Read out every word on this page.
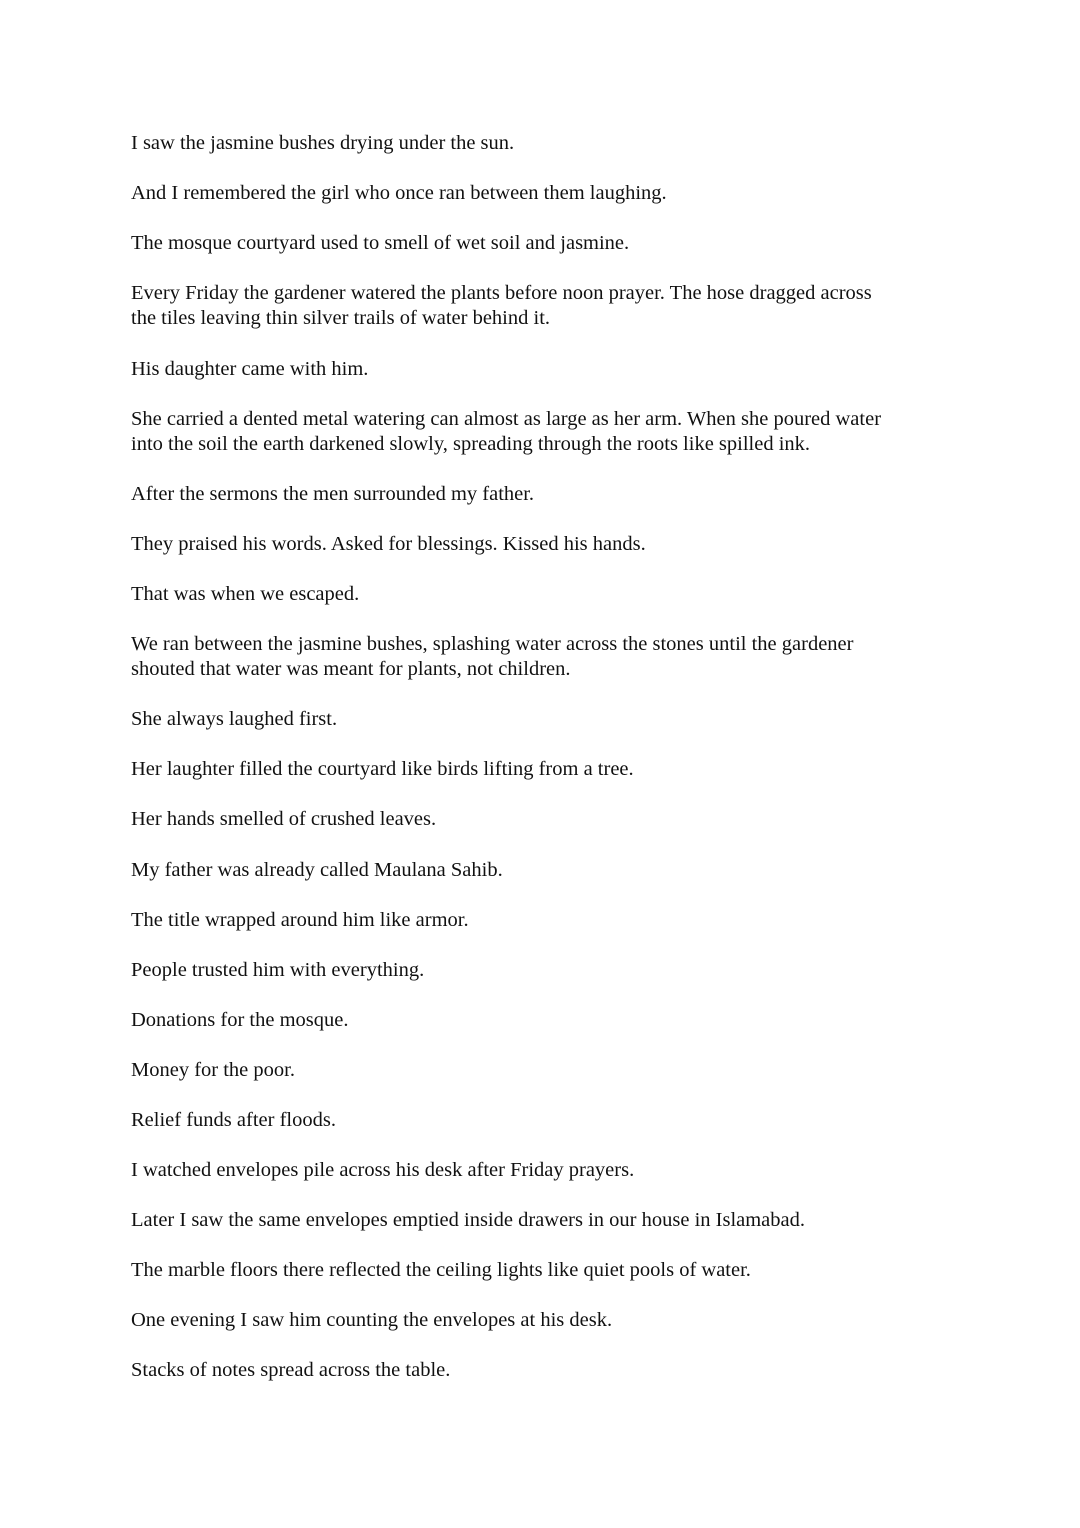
I saw the jasmine bushes drying under the sun.

And I remembered the girl who once ran between them laughing.

The mosque courtyard used to smell of wet soil and jasmine.

Every Friday the gardener watered the plants before noon prayer. The hose dragged across
the tiles leaving thin silver trails of water behind it.

His daughter came with him.

She carried a dented metal watering can almost as large as her arm. When she poured water
into the soil the earth darkened slowly, spreading through the roots like spilled ink.

After the sermons the men surrounded my father.

They praised his words. Asked for blessings. Kissed his hands.

That was when we escaped.

We ran between the jasmine bushes, splashing water across the stones until the gardener
shouted that water was meant for plants, not children.

She always laughed first.

Her laughter filled the courtyard like birds lifting from a tree.

Her hands smelled of crushed leaves.

My father was already called Maulana Sahib.

The title wrapped around him like armor.

People trusted him with everything.

Donations for the mosque.

Money for the poor.

Relief funds after floods.

I watched envelopes pile across his desk after Friday prayers.

Later I saw the same envelopes emptied inside drawers in our house in Islamabad.

The marble floors there reflected the ceiling lights like quiet pools of water.

One evening I saw him counting the envelopes at his desk.

Stacks of notes spread across the table.
